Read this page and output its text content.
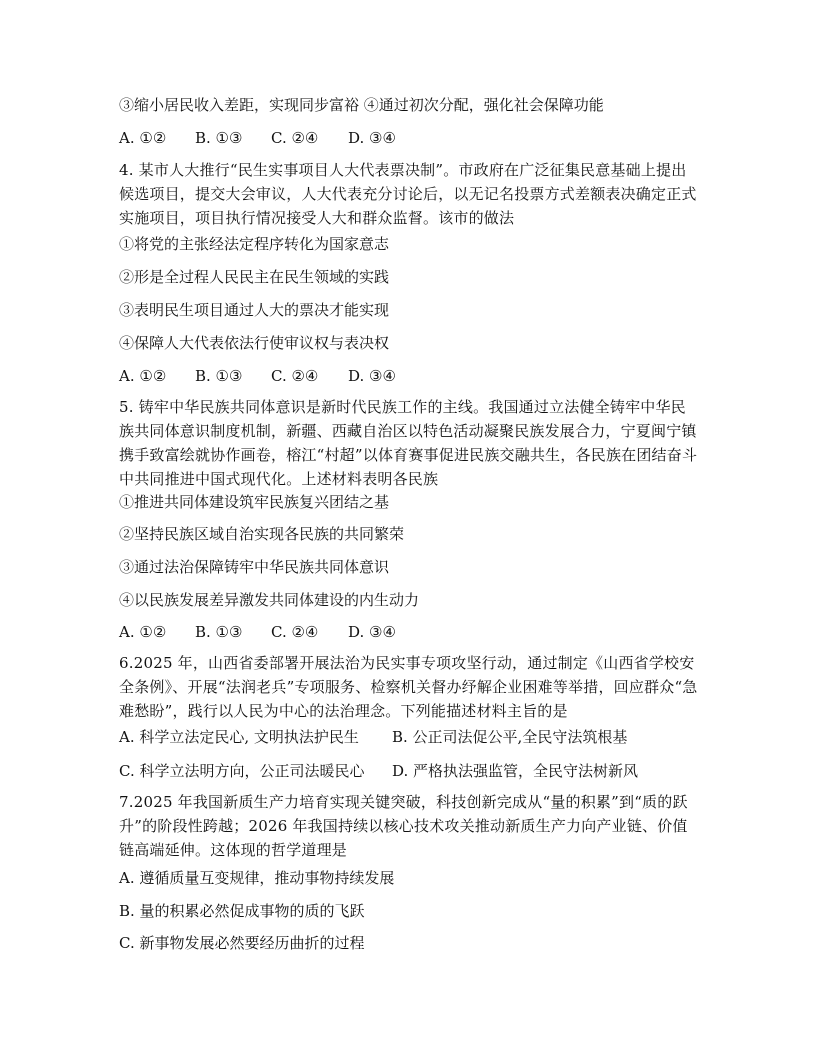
③缩小居民收入差距，实现同步富裕 ④通过初次分配，强化社会保障功能

A. ①② B. ①③ C. ②④ D. ③④

4. 某市人大推行“民生实事项目人大代表票决制”。市政府在广泛征集民意基础上提出候选项目，提交大会审议，人大代表充分讨论后，以无记名投票方式差额表决确定正式实施项目，项目执行情况接受人大和群众监督。该市的做法

①将党的主张经法定程序转化为国家意志

②形是全过程人民民主在民生领域的实践

③表明民生项目通过人大的票决才能实现

④保障人大代表依法行使审议权与表决权

A. ①② B. ①③ C. ②④ D. ③④

5. 铸牢中华民族共同体意识是新时代民族工作的主线。我国通过立法健全铸牢中华民族共同体意识制度机制，新疆、西藏自治区以特色活动凝聚民族发展合力，宁夏闽宁镇携手致富绘就协作画卷，榕江“村超”以体育赛事促进民族交融共生，各民族在团结奋斗中共同推进中国式现代化。上述材料表明各民族

①推进共同体建设筑牢民族复兴团结之基

②坚持民族区域自治实现各民族的共同繁荣

③通过法治保障铸牢中华民族共同体意识

④以民族发展差异激发共同体建设的内生动力

A. ①② B. ①③ C. ②④ D. ③④

6.2025 年，山西省委部署开展法治为民实事专项攻坚行动，通过制定《山西省学校安全条例》、开展“法润老兵”专项服务、检察机关督办纾解企业困难等举措，回应群众“急难愁盼”，践行以人民为中心的法治理念。下列能描述材料主旨的是

A. 科学立法定民心, 文明执法护民生 B. 公正司法促公平,全民守法筑根基

C. 科学立法明方向，公正司法暖民心 D. 严格执法强监管，全民守法树新风

7.2025 年我国新质生产力培育实现关键突破，科技创新完成从“量的积累”到“质的跃升”的阶段性跨越；2026 年我国持续以核心技术攻关推动新质生产力向产业链、价值链高端延伸。这体现的哲学道理是

A. 遵循质量互变规律，推动事物持续发展

B. 量的积累必然促成事物的质的飞跃

C. 新事物发展必然要经历曲折的过程
